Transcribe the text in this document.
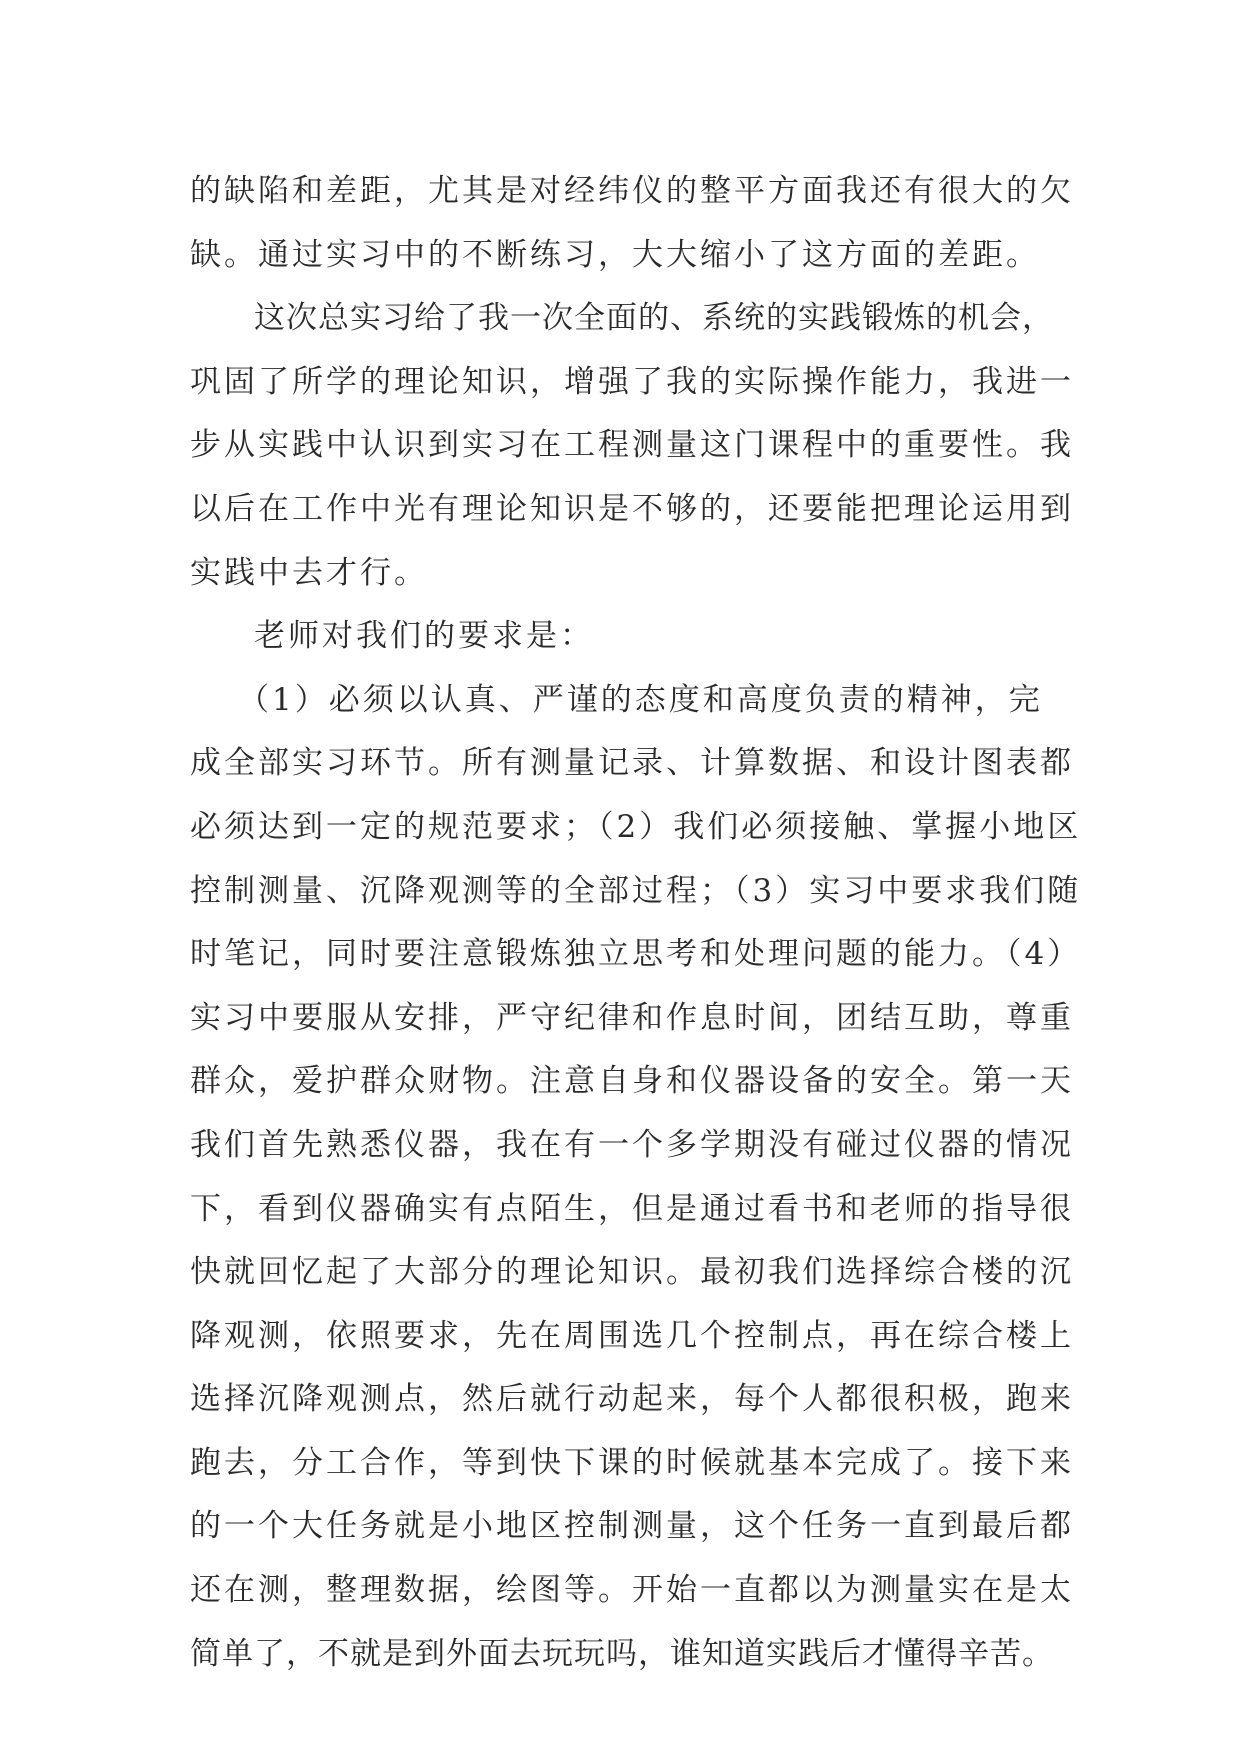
的缺陷和差距，尤其是对经纬仪的整平方面我还有很大的欠
缺。通过实习中的不断练习，大大缩小了这方面的差距。
这次总实习给了我一次全面的、系统的实践锻炼的机会，
巩固了所学的理论知识，增强了我的实际操作能力，我进一
步从实践中认识到实习在工程测量这门课程中的重要性。我
以后在工作中光有理论知识是不够的，还要能把理论运用到
实践中去才行。
老师对我们的要求是：
（1）必须以认真、严谨的态度和高度负责的精神，完
成全部实习环节。所有测量记录、计算数据、和设计图表都
必须达到一定的规范要求；（2）我们必须接触、掌握小地区
控制测量、沉降观测等的全部过程；（3）实习中要求我们随
时笔记，同时要注意锻炼独立思考和处理问题的能力。（4）
实习中要服从安排，严守纪律和作息时间，团结互助，尊重
群众，爱护群众财物。注意自身和仪器设备的安全。第一天
我们首先熟悉仪器，我在有一个多学期没有碰过仪器的情况
下，看到仪器确实有点陌生，但是通过看书和老师的指导很
快就回忆起了大部分的理论知识。最初我们选择综合楼的沉
降观测，依照要求，先在周围选几个控制点，再在综合楼上
选择沉降观测点，然后就行动起来，每个人都很积极，跑来
跑去，分工合作，等到快下课的时候就基本完成了。接下来
的一个大任务就是小地区控制测量，这个任务一直到最后都
还在测，整理数据，绘图等。开始一直都以为测量实在是太
简单了，不就是到外面去玩玩吗，谁知道实践后才懂得辛苦。
